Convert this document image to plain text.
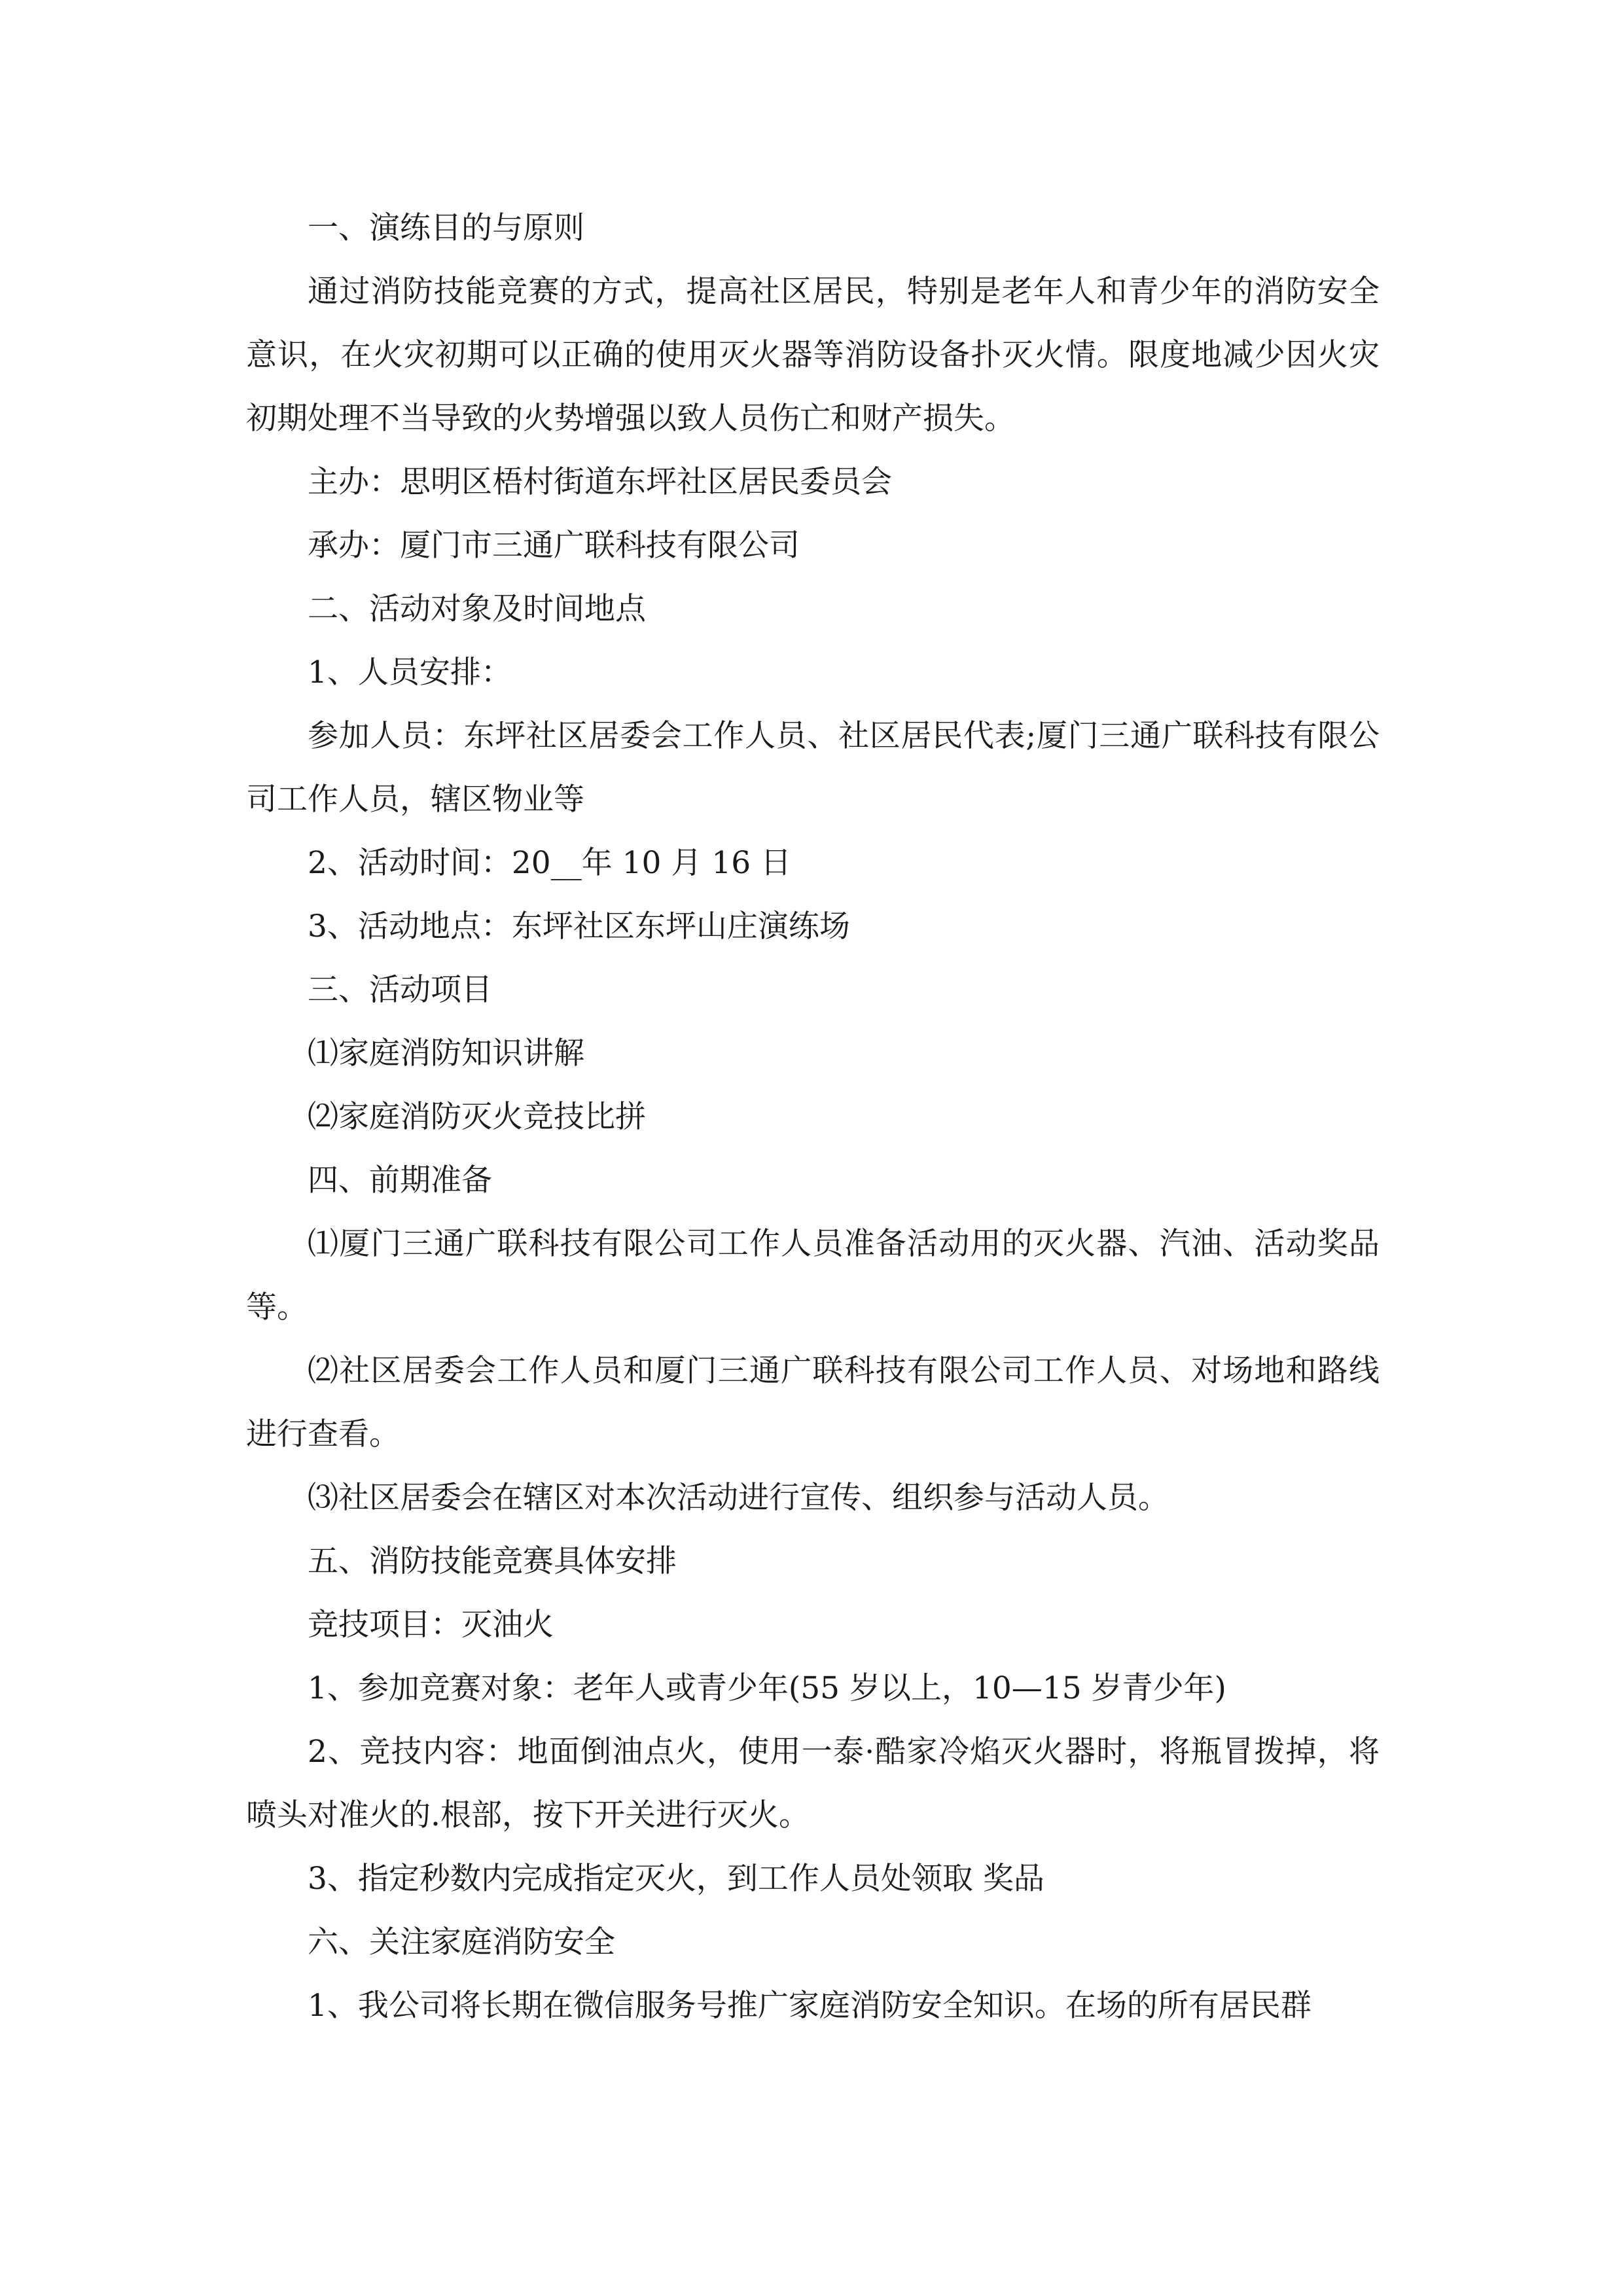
一、演练目的与原则

通过消防技能竞赛的方式，提高社区居民，特别是老年人和青少年的消防安全意识，在火灾初期可以正确的使用灭火器等消防设备扑灭火情。限度地减少因火灾初期处理不当导致的火势增强以致人员伤亡和财产损失。

主办：思明区梧村街道东坪社区居民委员会

承办：厦门市三通广联科技有限公司

二、活动对象及时间地点

1、人员安排：

参加人员：东坪社区居委会工作人员、社区居民代表;厦门三通广联科技有限公司工作人员，辖区物业等

2、活动时间：20__年 10 月 16 日

3、活动地点：东坪社区东坪山庄演练场

三、活动项目

⑴家庭消防知识讲解

⑵家庭消防灭火竞技比拼

四、前期准备

⑴厦门三通广联科技有限公司工作人员准备活动用的灭火器、汽油、活动奖品等。

⑵社区居委会工作人员和厦门三通广联科技有限公司工作人员、对场地和路线进行查看。

⑶社区居委会在辖区对本次活动进行宣传、组织参与活动人员。

五、消防技能竞赛具体安排

竞技项目：灭油火

1、参加竞赛对象：老年人或青少年(55 岁以上，10—15 岁青少年)

2、竞技内容：地面倒油点火，使用一泰·酷家冷焰灭火器时，将瓶冒拨掉，将喷头对准火的.根部，按下开关进行灭火。

3、指定秒数内完成指定灭火，到工作人员处领取 奖品

六、关注家庭消防安全

1、我公司将长期在微信服务号推广家庭消防安全知识。在场的所有居民群
